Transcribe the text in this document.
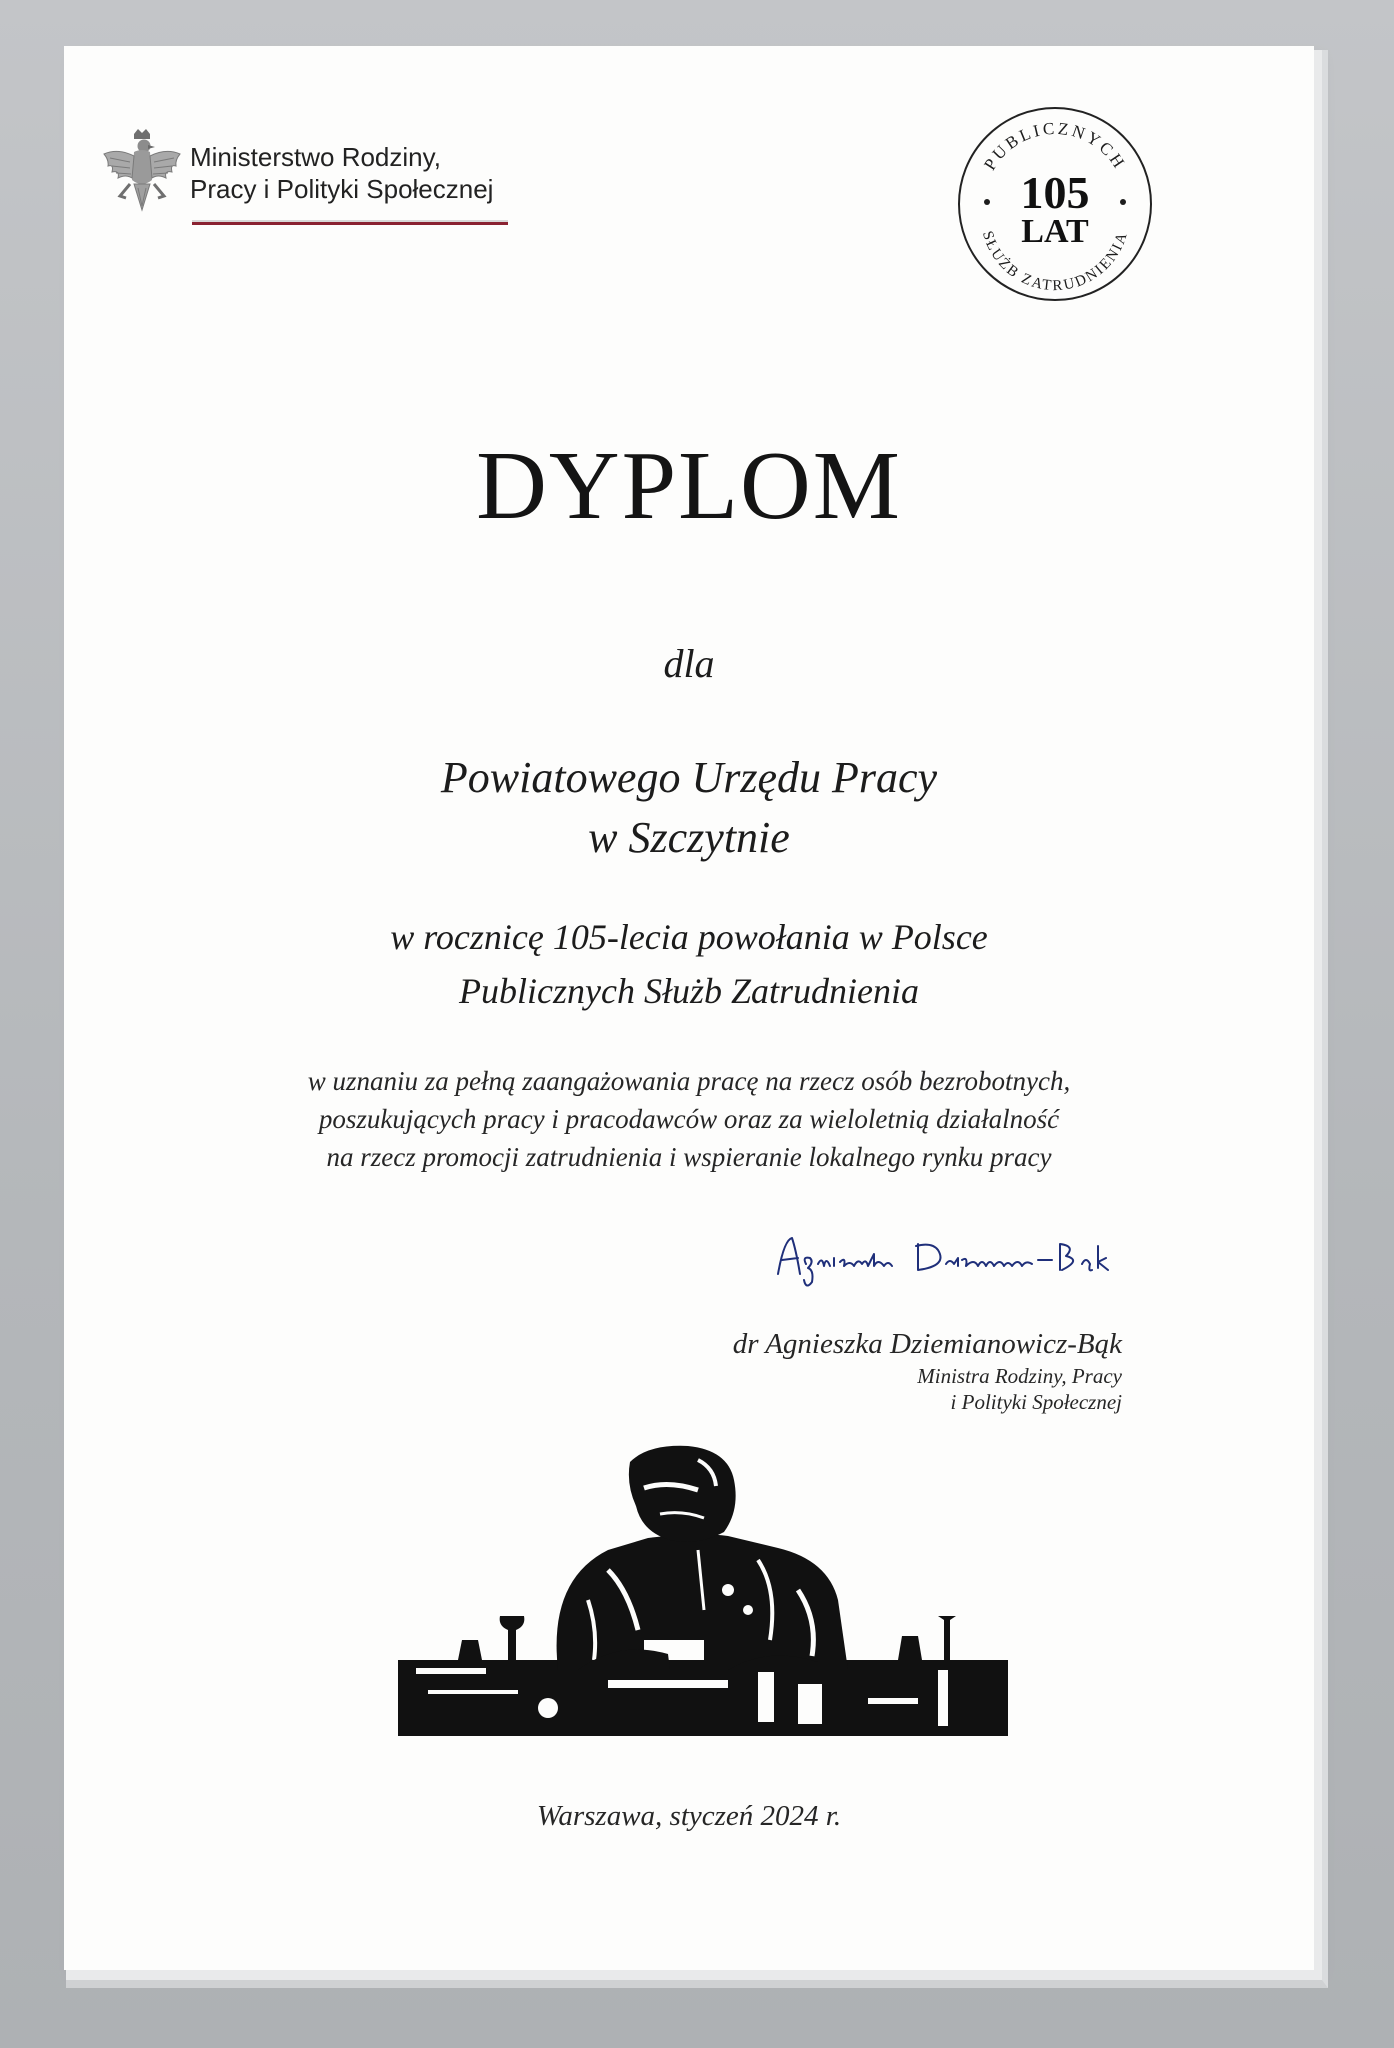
Ministerstwo Rodziny,
Pracy i Polityki Społecznej
PUBLICZNYCH
SŁUŻB ZATRUDNIENIA
105
LAT
DYPLOM
dla
Powiatowego Urzędu Pracy
w Szczytnie
w rocznicę 105-lecia powołania w Polsce
Publicznych Służb Zatrudnienia
w uznaniu za pełną zaangażowania pracę na rzecz osób bezrobotnych,
poszukujących pracy i pracodawców oraz za wieloletnią działalność
na rzecz promocji zatrudnienia i wspieranie lokalnego rynku pracy
dr Agnieszka Dziemianowicz-Bąk
Ministra Rodziny, Pracy
i Polityki Społecznej
Warszawa, styczeń 2024 r.
